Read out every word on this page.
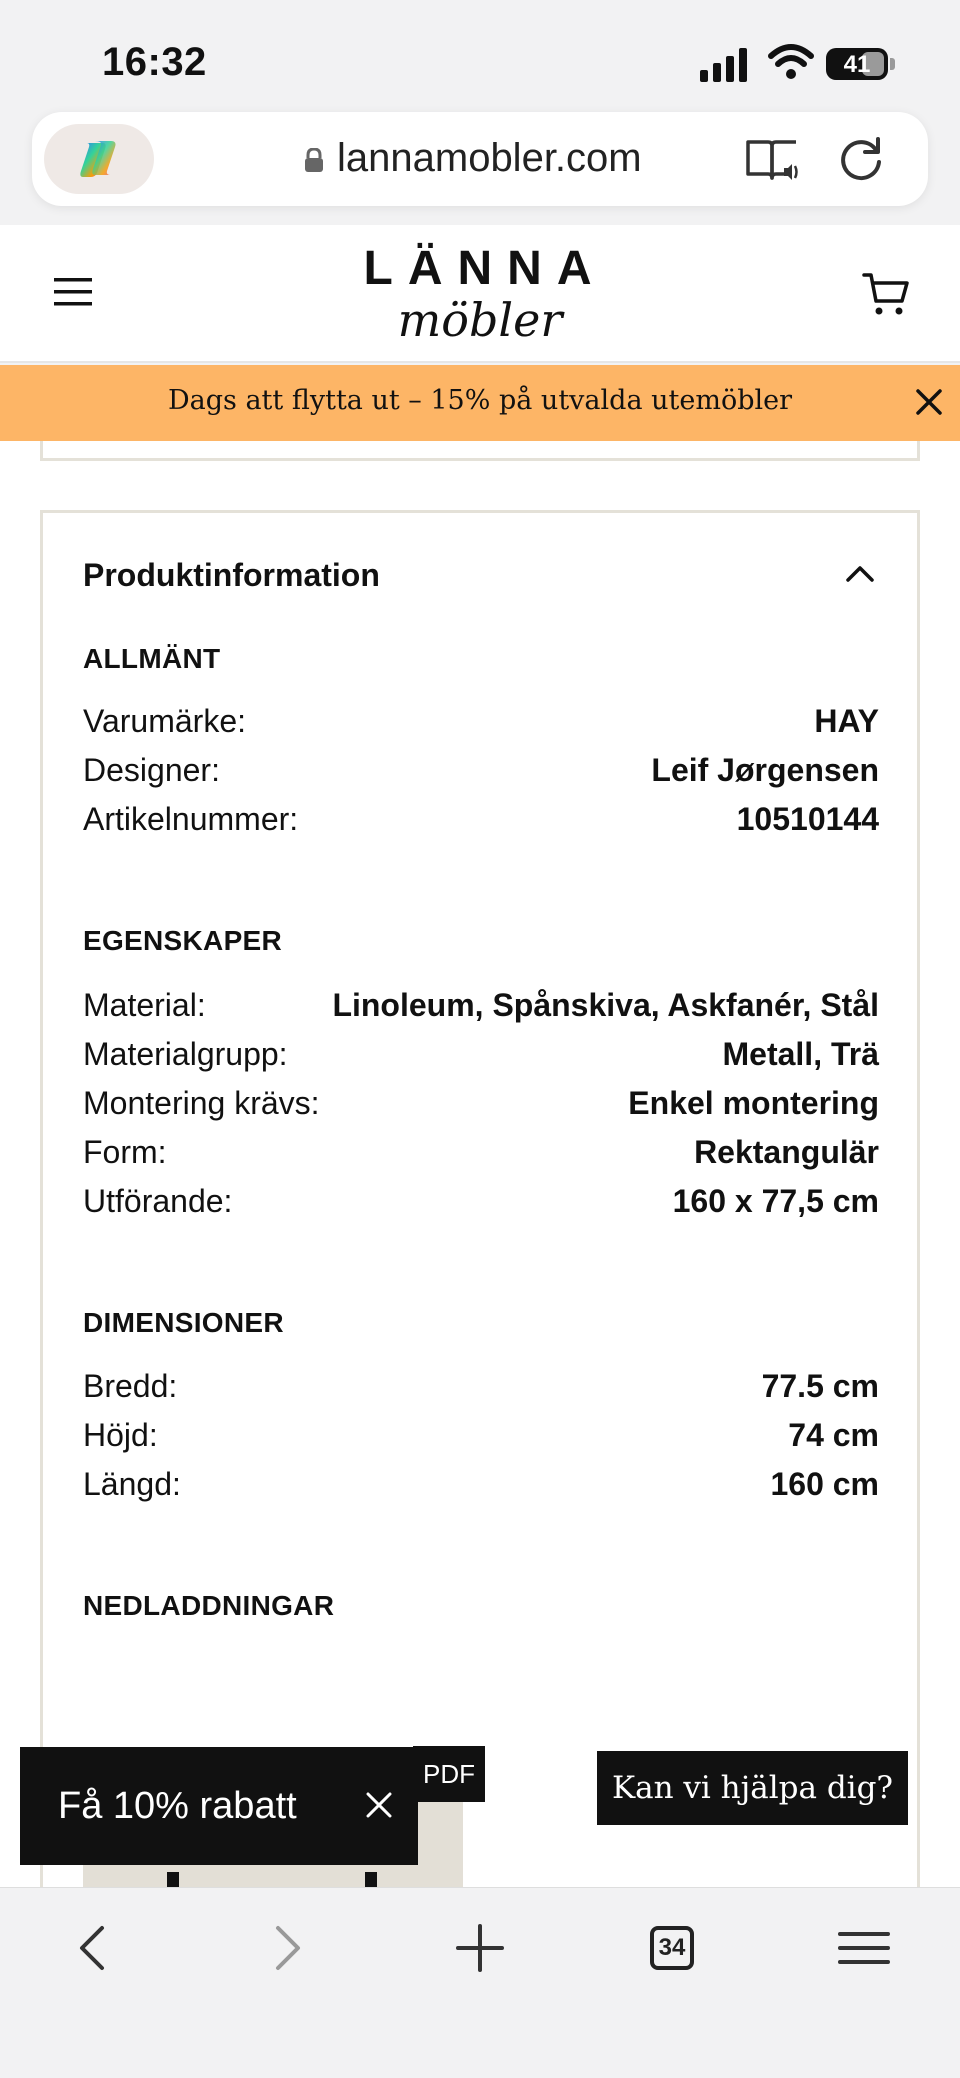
16:32	41
lannamobler.com
LÄNNA
möbler
Dags att flytta ut – 15% på utvalda utemöbler
Produktinformation
ALLMÄNT
Varumärke:	HAY
Designer:	Leif Jørgensen
Artikelnummer:	10510144
EGENSKAPER
Material:	Linoleum, Spånskiva, Askfanér, Stål
Materialgrupp:	Metall, Trä
Montering krävs:	Enkel montering
Form:	Rektangulär
Utförande:	160 x 77,5 cm
DIMENSIONER
Bredd:	77.5 cm
Höjd:	74 cm
Längd:	160 cm
NEDLADDNINGAR
PDF
Få 10% rabatt	Kan vi hjälpa dig?
34
